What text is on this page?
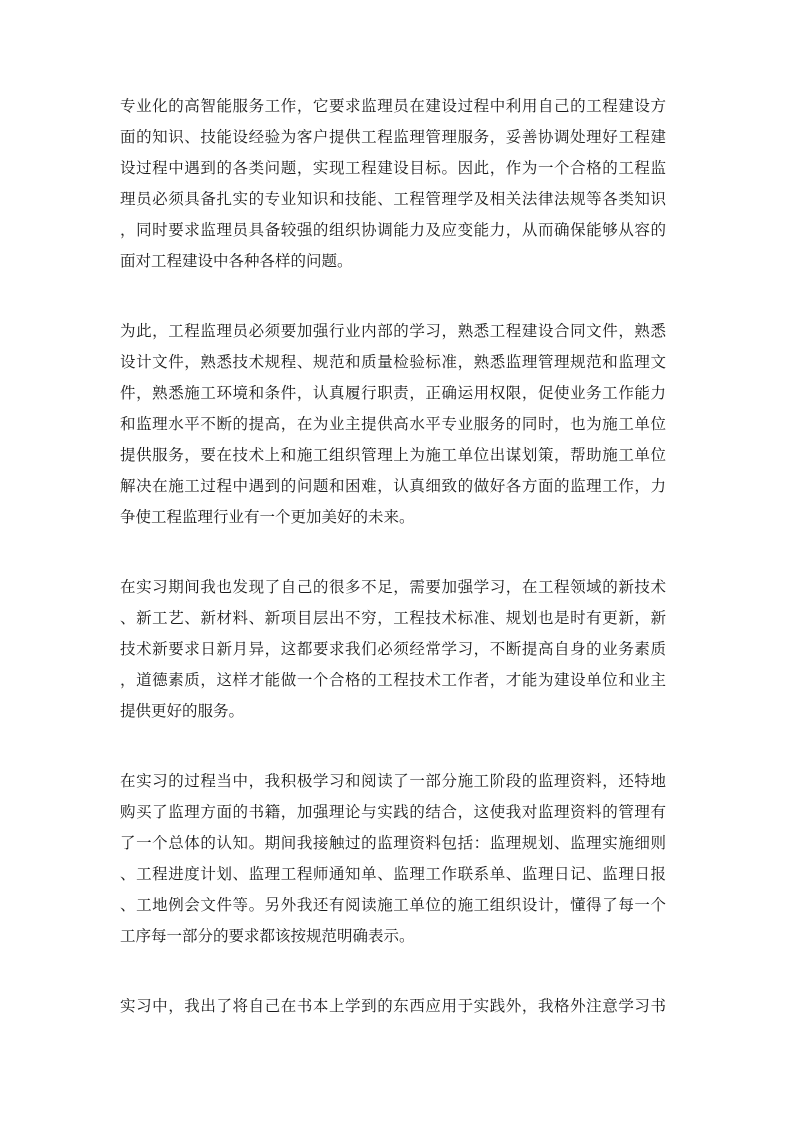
专业化的高智能服务工作，它要求监理员在建设过程中利用自己的工程建设方
面的知识、技能设经验为客户提供工程监理管理服务，妥善协调处理好工程建
设过程中遇到的各类问题，实现工程建设目标。因此，作为一个合格的工程监
理员必须具备扎实的专业知识和技能、工程管理学及相关法律法规等各类知识
，同时要求监理员具备较强的组织协调能力及应变能力，从而确保能够从容的
面对工程建设中各种各样的问题。
为此，工程监理员必须要加强行业内部的学习，熟悉工程建设合同文件，熟悉
设计文件，熟悉技术规程、规范和质量检验标准，熟悉监理管理规范和监理文
件，熟悉施工环境和条件，认真履行职责，正确运用权限，促使业务工作能力
和监理水平不断的提高，在为业主提供高水平专业服务的同时，也为施工单位
提供服务，要在技术上和施工组织管理上为施工单位出谋划策，帮助施工单位
解决在施工过程中遇到的问题和困难，认真细致的做好各方面的监理工作，力
争使工程监理行业有一个更加美好的未来。
在实习期间我也发现了自己的很多不足，需要加强学习，在工程领域的新技术
、新工艺、新材料、新项目层出不穷，工程技术标准、规划也是时有更新，新
技术新要求日新月异，这都要求我们必须经常学习，不断提高自身的业务素质
，道德素质，这样才能做一个合格的工程技术工作者，才能为建设单位和业主
提供更好的服务。
在实习的过程当中，我积极学习和阅读了一部分施工阶段的监理资料，还特地
购买了监理方面的书籍，加强理论与实践的结合，这使我对监理资料的管理有
了一个总体的认知。期间我接触过的监理资料包括：监理规划、监理实施细则
、工程进度计划、监理工程师通知单、监理工作联系单、监理日记、监理日报
、工地例会文件等。另外我还有阅读施工单位的施工组织设计，懂得了每一个
工序每一部分的要求都该按规范明确表示。
实习中，我出了将自己在书本上学到的东西应用于实践外，我格外注意学习书
